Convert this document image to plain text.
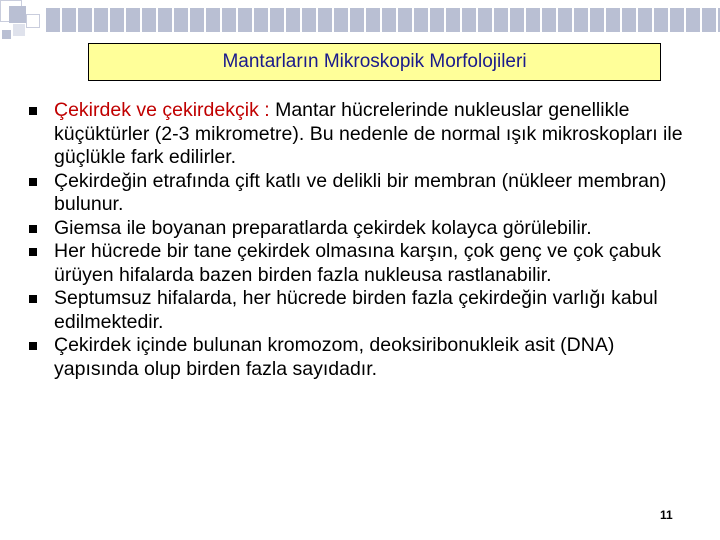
Mantarların Mikroskopik Morfolojileri
Çekirdek ve çekirdekçik : Mantar hücrelerinde nukleuslar genellikle küçüktürler (2-3 mikrometre). Bu nedenle de normal ışık mikroskopları ile güçlükle fark edilirler.
Çekirdeğin etrafında çift katlı ve delikli bir membran (nükleer membran) bulunur.
Giemsa ile boyanan preparatlarda çekirdek kolayca görülebilir.
Her hücrede bir tane çekirdek olmasına karşın, çok genç ve çok çabuk ürüyen hifalarda bazen birden fazla nukleusa rastlanabilir.
Septumsuz hifalarda, her hücrede birden fazla çekirdeğin varlığı kabul edilmektedir.
Çekirdek içinde bulunan kromozom, deoksiribonukleik asit (DNA) yapısında olup birden fazla sayıdadır.
11
